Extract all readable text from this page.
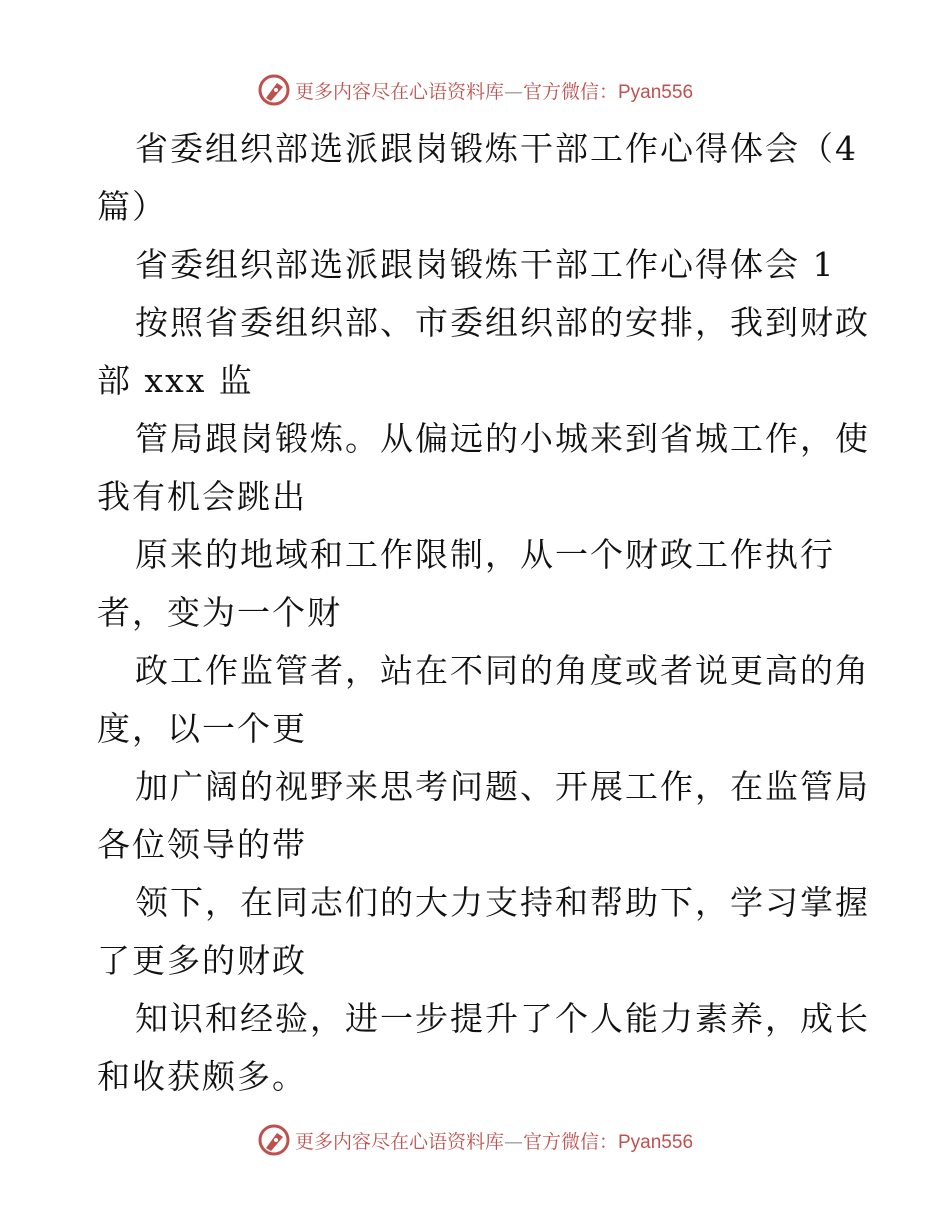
更多内容尽在心语资料库—官方微信：Pyan556
省委组织部选派跟岗锻炼干部工作心得体会（4
篇）
省委组织部选派跟岗锻炼干部工作心得体会 1
按照省委组织部、市委组织部的安排，我到财政
部 xxx 监
管局跟岗锻炼。从偏远的小城来到省城工作，使
我有机会跳出
原来的地域和工作限制，从一个财政工作执行
者，变为一个财
政工作监管者，站在不同的角度或者说更高的角
度，以一个更
加广阔的视野来思考问题、开展工作，在监管局
各位领导的带
领下，在同志们的大力支持和帮助下，学习掌握
了更多的财政
知识和经验，进一步提升了个人能力素养，成长
和收获颇多。
更多内容尽在心语资料库—官方微信：Pyan556
